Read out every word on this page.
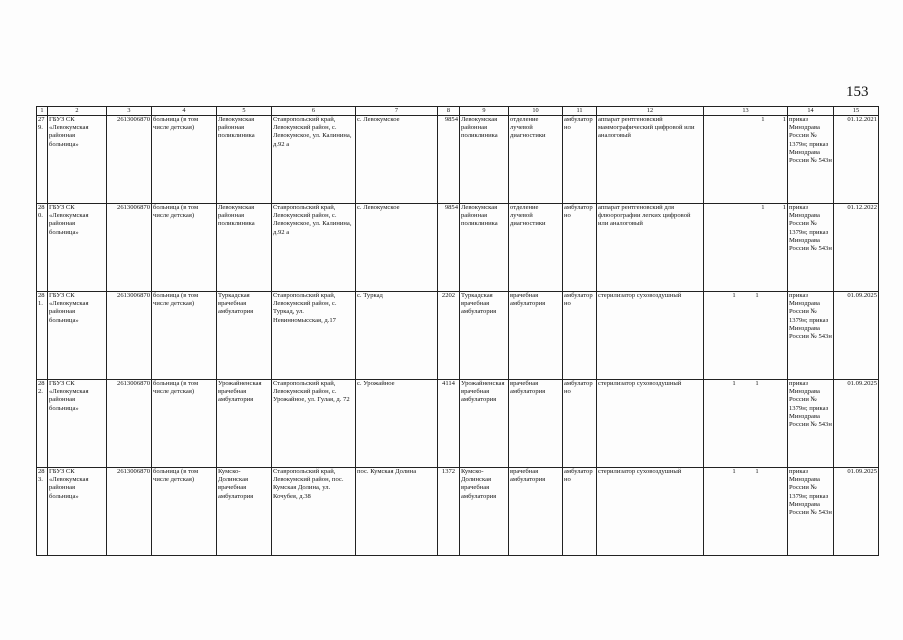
153
1	2	3	4	5	6	7	8	9	10	11	12	13	14	15
279.	ГБУЗ СК «Левокумская районная больница»	2613006870	больница (в том числе детская)	Левокумская районная поликлиника	Ставропольский край, Левокумский район, с. Левокумское, ул. Калинина, д.92 а	с. Левокумское	9854	Левокумская районная поликлиника	отделение лучевой диагностики	амбулаторно	аппарат рентгеновский маммографический цифровой или аналоговый	1 1	приказ Минздрава России № 1379н; приказ Минздрава России № 543н	01.12.2021
280.	ГБУЗ СК «Левокумская районная больница»	2613006870	больница (в том числе детская)	Левокумская районная поликлиника	Ставропольский край, Левокумский район, с. Левокумское, ул. Калинина, д.92 а	с. Левокумское	9854	Левокумская районная поликлиника	отделение лучевой диагностики	амбулаторно	аппарат рентгеновский для флюорографии легких цифровой или аналоговый	1 1	приказ Минздрава России № 1379н; приказ Минздрава России № 543н	01.12.2022
281.	ГБУЗ СК «Левокумская районная больница»	2613006870	больница (в том числе детская)	Туркадская врачебная амбулатория	Ставропольский край, Левокумский район, с. Туркад, ул. Невинномысская, д.17	с. Туркад	2202	Туркадская врачебная амбулатория	врачебная амбулатория	амбулаторно	стерилизатор суховоздушный	1 1	приказ Минздрава России № 1379н; приказ Минздрава России № 543н	01.09.2025
282.	ГБУЗ СК «Левокумская районная больница»	2613006870	больница (в том числе детская)	Урожайненская врачебная амбулатория	Ставропольский край, Левокумский район, с. Урожайное, ул. Гулая, д. 72	с. Урожайное	4114	Урожайненская врачебная амбулатория	врачебная амбулатория	амбулаторно	стерилизатор суховоздушный	1 1	приказ Минздрава России № 1379н; приказ Минздрава России № 543н	01.09.2025
283.	ГБУЗ СК «Левокумская районная больница»	2613006870	больница (в том числе детская)	Кумско-Долинская врачебная амбулатория	Ставропольский край, Левокумский район, пос. Кумская Долина, ул. Кочубея, д.38	пос. Кумская Долина	1372	Кумско-Долинская врачебная амбулатория	врачебная амбулатория	амбулаторно	стерилизатор суховоздушный	1 1	приказ Минздрава России № 1379н; приказ Минздрава России № 543н	01.09.2025
